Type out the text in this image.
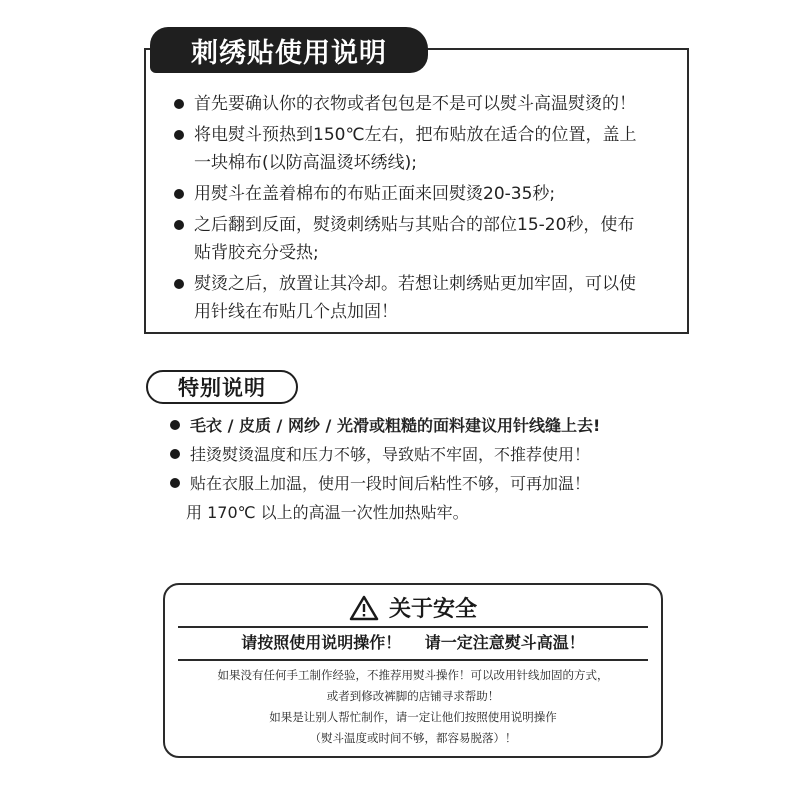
刺绣贴使用说明
首先要确认你的衣物或者包包是不是可以熨斗高温熨烫的！
将电熨斗预热到150℃左右，把布贴放在适合的位置，盖上
一块棉布(以防高温烫坏绣线);
用熨斗在盖着棉布的布贴正面来回熨烫20-35秒;
之后翻到反面，熨烫刺绣贴与其贴合的部位15-20秒，使布
贴背胶充分受热;
熨烫之后，放置让其冷却。若想让刺绣贴更加牢固，可以使
用针线在布贴几个点加固！
特别说明
毛衣 / 皮质 / 网纱 / 光滑或粗糙的面料建议用针线缝上去!
挂烫熨烫温度和压力不够，导致贴不牢固，不推荐使用！
贴在衣服上加温，使用一段时间后粘性不够，可再加温！
用 170℃ 以上的高温一次性加热贴牢。
关于安全
请按照使用说明操作！ 请一定注意熨斗高温！
如果没有任何手工制作经验，不推荐用熨斗操作！可以改用针线加固的方式，
或者到修改裤脚的店铺寻求帮助！
如果是让别人帮忙制作，请一定让他们按照使用说明操作
（熨斗温度或时间不够，都容易脱落）！
